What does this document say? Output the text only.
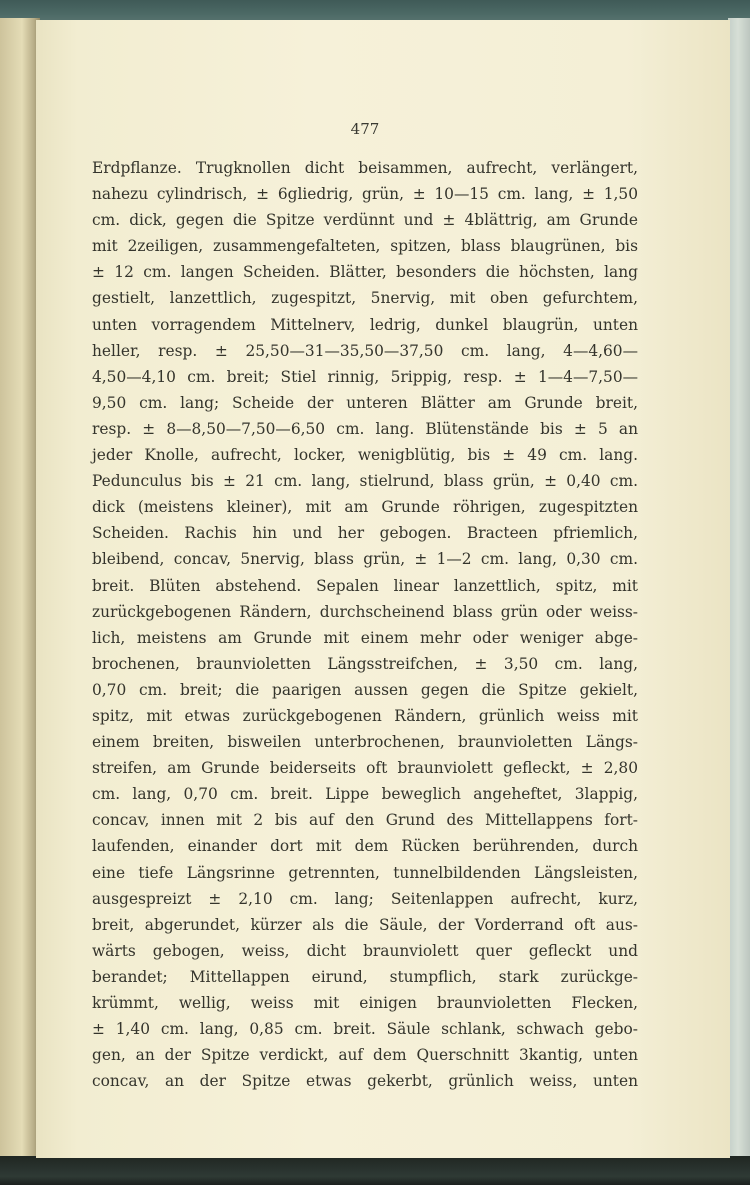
477
Erdpflanze. Trugknollen dicht beisammen, aufrecht, verlängert,
nahezu cylindrisch, ± 6gliedrig, grün, ± 10—15 cm. lang, ± 1,50
cm. dick, gegen die Spitze verdünnt und ± 4blättrig, am Grunde
mit 2zeiligen, zusammengefalteten, spitzen, blass blaugrünen, bis
± 12 cm. langen Scheiden. Blätter, besonders die höchsten, lang
gestielt, lanzettlich, zugespitzt, 5nervig, mit oben gefurchtem,
unten vorragendem Mittelnerv, ledrig, dunkel blaugrün, unten
heller, resp. ± 25,50—31—35,50—37,50 cm. lang, 4—4,60—
4,50—4,10 cm. breit; Stiel rinnig, 5rippig, resp. ± 1—4—7,50—
9,50 cm. lang; Scheide der unteren Blätter am Grunde breit,
resp. ± 8—8,50—7,50—6,50 cm. lang. Blütenstände bis ± 5 an
jeder Knolle, aufrecht, locker, wenigblütig, bis ± 49 cm. lang.
Pedunculus bis ± 21 cm. lang, stielrund, blass grün, ± 0,40 cm.
dick (meistens kleiner), mit am Grunde röhrigen, zugespitzten
Scheiden. Rachis hin und her gebogen. Bracteen pfriemlich,
bleibend, concav, 5nervig, blass grün, ± 1—2 cm. lang, 0,30 cm.
breit. Blüten abstehend. Sepalen linear lanzettlich, spitz, mit
zurückgebogenen Rändern, durchscheinend blass grün oder weiss-
lich, meistens am Grunde mit einem mehr oder weniger abge-
brochenen, braunvioletten Längsstreifchen, ± 3,50 cm. lang,
0,70 cm. breit; die paarigen aussen gegen die Spitze gekielt,
spitz, mit etwas zurückgebogenen Rändern, grünlich weiss mit
einem breiten, bisweilen unterbrochenen, braunvioletten Längs-
streifen, am Grunde beiderseits oft braunviolett gefleckt, ± 2,80
cm. lang, 0,70 cm. breit. Lippe beweglich angeheftet, 3lappig,
concav, innen mit 2 bis auf den Grund des Mittellappens fort-
laufenden, einander dort mit dem Rücken berührenden, durch
eine tiefe Längsrinne getrennten, tunnelbildenden Längsleisten,
ausgespreizt ± 2,10 cm. lang; Seitenlappen aufrecht, kurz,
breit, abgerundet, kürzer als die Säule, der Vorderrand oft aus-
wärts gebogen, weiss, dicht braunviolett quer gefleckt und
berandet; Mittellappen eirund, stumpflich, stark zurückge-
krümmt, wellig, weiss mit einigen braunvioletten Flecken,
± 1,40 cm. lang, 0,85 cm. breit. Säule schlank, schwach gebo-
gen, an der Spitze verdickt, auf dem Querschnitt 3kantig, unten
concav, an der Spitze etwas gekerbt, grünlich weiss, unten
